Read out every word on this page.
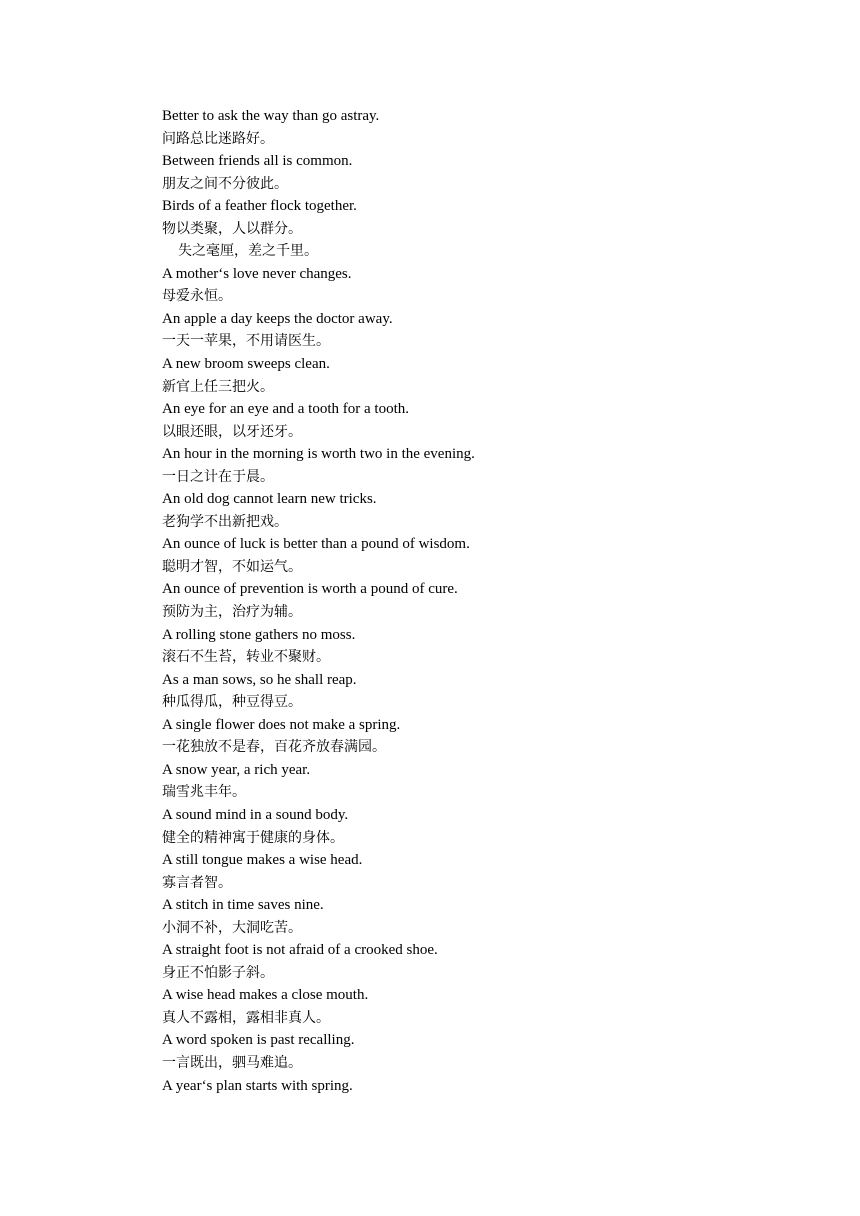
Better to ask the way than go astray.
问路总比迷路好。
Between friends all is common.
朋友之间不分彼此。
Birds of a feather flock together.
物以类聚，人以群分。
失之毫厘，差之千里。
A mother‘s love never changes.
母爱永恒。
An apple a day keeps the doctor away.
一天一苹果，不用请医生。
A new broom sweeps clean.
新官上任三把火。
An eye for an eye and a tooth for a tooth.
以眼还眼，以牙还牙。
An hour in the morning is worth two in the evening.
一日之计在于晨。
An old dog cannot learn new tricks.
老狗学不出新把戏。
An ounce of luck is better than a pound of wisdom.
聪明才智，不如运气。
An ounce of prevention is worth a pound of cure.
预防为主，治疗为辅。
A rolling stone gathers no moss.
滚石不生苔，转业不聚财。
As a man sows, so he shall reap.
种瓜得瓜，种豆得豆。
A single flower does not make a spring.
一花独放不是春，百花齐放春满园。
A snow year, a rich year.
瑞雪兆丰年。
A sound mind in a sound body.
健全的精神寓于健康的身体。
A still tongue makes a wise head.
寡言者智。
A stitch in time saves nine.
小洞不补，大洞吃苦。
A straight foot is not afraid of a crooked shoe.
身正不怕影子斜。
A wise head makes a close mouth.
真人不露相，露相非真人。
A word spoken is past recalling.
一言既出，驷马难追。
A year‘s plan starts with spring.
